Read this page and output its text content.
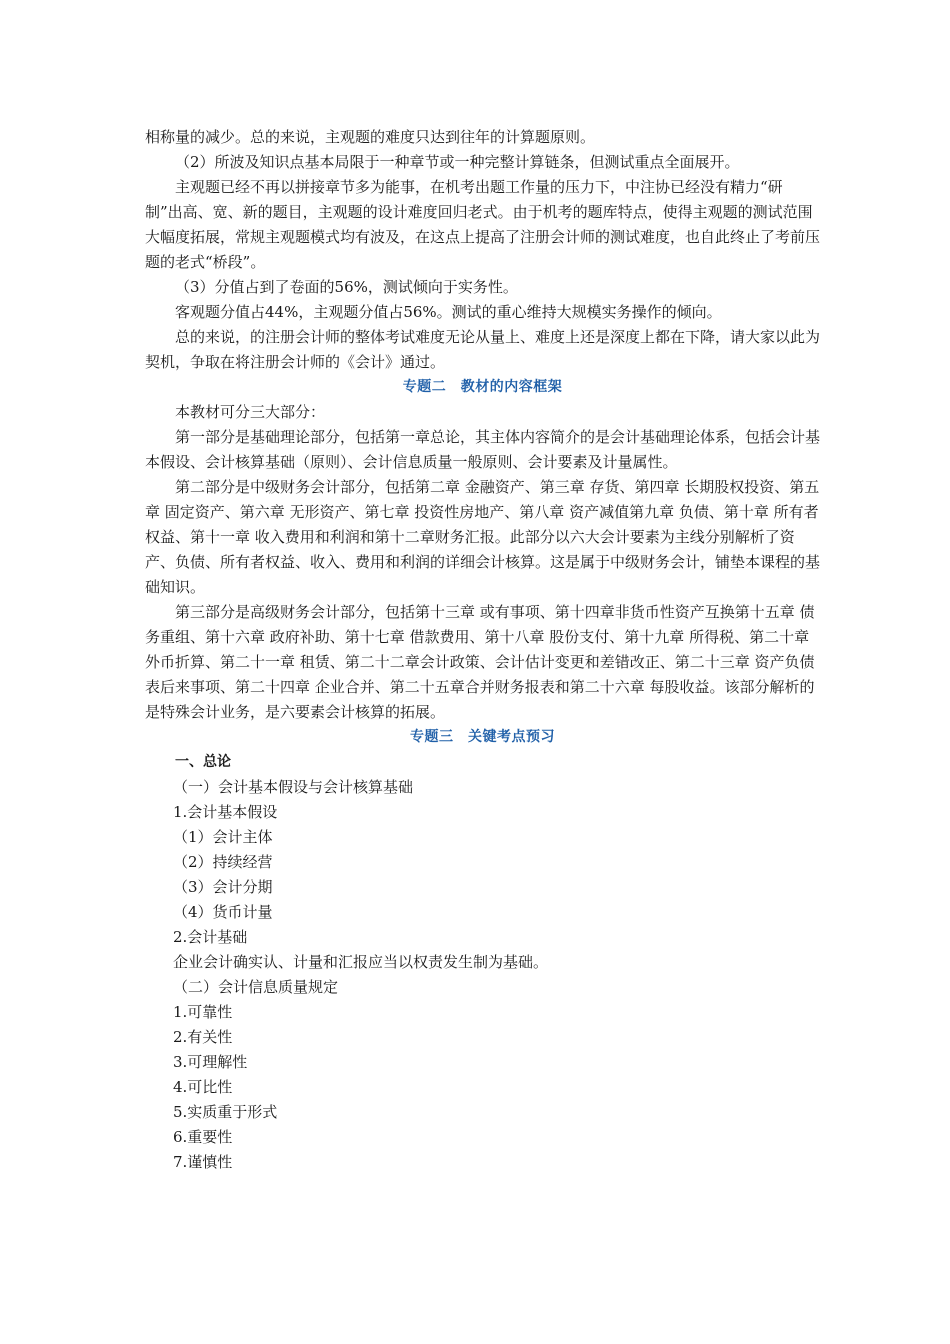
相称量的减少。总的来说，主观题的难度只达到往年的计算题原则。

（2）所波及知识点基本局限于一种章节或一种完整计算链条，但测试重点全面展开。

主观题已经不再以拼接章节多为能事，在机考出题工作量的压力下，中注协已经没有精力“研制”出高、宽、新的题目，主观题的设计难度回归老式。由于机考的题库特点，使得主观题的测试范围大幅度拓展，常规主观题模式均有波及，在这点上提高了注册会计师的测试难度，也自此终止了考前压题的老式“桥段”。

（3）分值占到了卷面的56%，测试倾向于实务性。

客观题分值占44%，主观题分值占56%。测试的重心维持大规模实务操作的倾向。

总的来说，的注册会计师的整体考试难度无论从量上、难度上还是深度上都在下降，请大家以此为契机，争取在将注册会计师的《会计》通过。

专题二　教材的内容框架

本教材可分三大部分：

第一部分是基础理论部分，包括第一章总论，其主体内容简介的是会计基础理论体系，包括会计基本假设、会计核算基础（原则）、会计信息质量一般原则、会计要素及计量属性。

第二部分是中级财务会计部分，包括第二章 金融资产、第三章 存货、第四章 长期股权投资、第五章 固定资产、第六章 无形资产、第七章 投资性房地产、第八章 资产减值第九章 负债、第十章 所有者权益、第十一章 收入费用和利润和第十二章财务汇报。此部分以六大会计要素为主线分别解析了资产、负债、所有者权益、收入、费用和利润的详细会计核算。这是属于中级财务会计，铺垫本课程的基础知识。

第三部分是高级财务会计部分，包括第十三章 或有事项、第十四章非货币性资产互换第十五章 债务重组、第十六章 政府补助、第十七章 借款费用、第十八章 股份支付、第十九章 所得税、第二十章 外币折算、第二十一章 租赁、第二十二章会计政策、会计估计变更和差错改正、第二十三章 资产负债表后来事项、第二十四章 企业合并、第二十五章合并财务报表和第二十六章 每股收益。该部分解析的是特殊会计业务，是六要素会计核算的拓展。

专题三　关键考点预习

一、总论

（一）会计基本假设与会计核算基础

1.会计基本假设

（1）会计主体

（2）持续经营

（3）会计分期

（4）货币计量

2.会计基础

企业会计确实认、计量和汇报应当以权责发生制为基础。

（二）会计信息质量规定

1.可靠性

2.有关性

3.可理解性

4.可比性

5.实质重于形式

6.重要性

7.谨慎性
